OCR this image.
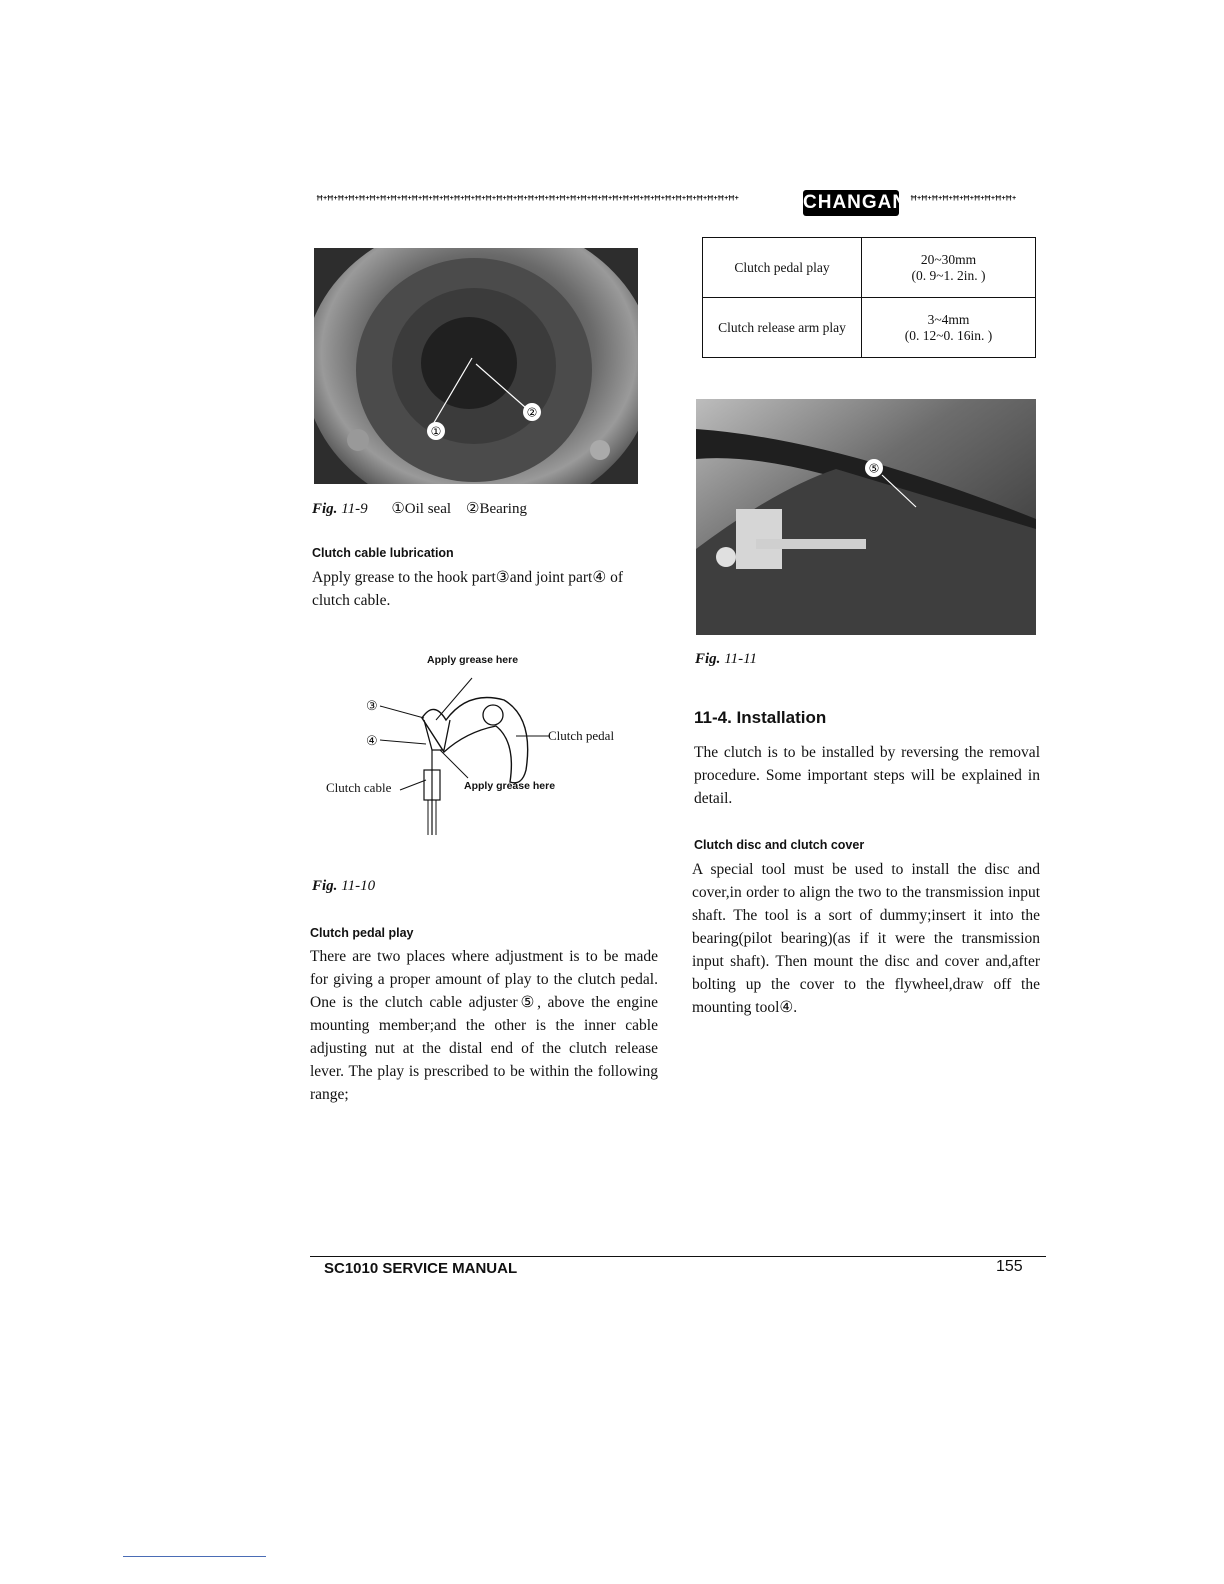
ꟸᕀꟸᕀꟸᕀꟸᕀꟸᕀꟸᕀꟸᕀꟸᕀꟸᕀꟸᕀꟸᕀꟸᕀꟸᕀꟸᕀꟸᕀꟸᕀꟸᕀꟸᕀꟸᕀꟸᕀꟸᕀꟸᕀꟸᕀꟸᕀꟸᕀꟸᕀꟸᕀꟸᕀꟸᕀꟸᕀꟸᕀꟸᕀꟸᕀꟸᕀꟸᕀꟸᕀꟸᕀꟸᕀꟸᕀꟸᕀ	CHANGAN ꟸᕀꟸᕀꟸᕀꟸᕀꟸᕀꟸᕀꟸᕀꟸᕀꟸᕀꟸᕀ
②
①
Fig. 11-9 ①Oil seal    ②Bearing
Clutch cable lubrication
Apply grease to the hook part③and joint part④ of clutch cable.
Apply grease here
③
④	Clutch pedal
Clutch cable	Apply grease here
Fig. 11-10
Clutch pedal play
There are two places where adjustment is to be made for giving a proper amount of play to the clutch pedal. One is the clutch cable adjuster⑤, above the engine mounting member;and the other is the inner cable adjusting nut at the distal end of the clutch release lever. The play is prescribed to be within the following range;
Clutch pedal play	20~30mm
(0. 9~1. 2in. )

Clutch release arm play	3~4mm
(0. 12~0. 16in. )
⑤
Fig. 11-11
11-4. Installation
The clutch is to be installed by reversing the removal procedure. Some important steps will be explained in detail.
Clutch disc and clutch cover
A special tool must be used to install the disc and cover,in order to align the two to the transmission input shaft. The tool is a sort of dummy;insert it into the bearing(pilot bearing)(as if it were the transmission input shaft). Then mount the disc and cover and,after bolting up the cover to the flywheel,draw off the mounting tool④.
SC1010 SERVICE MANUAL	155
